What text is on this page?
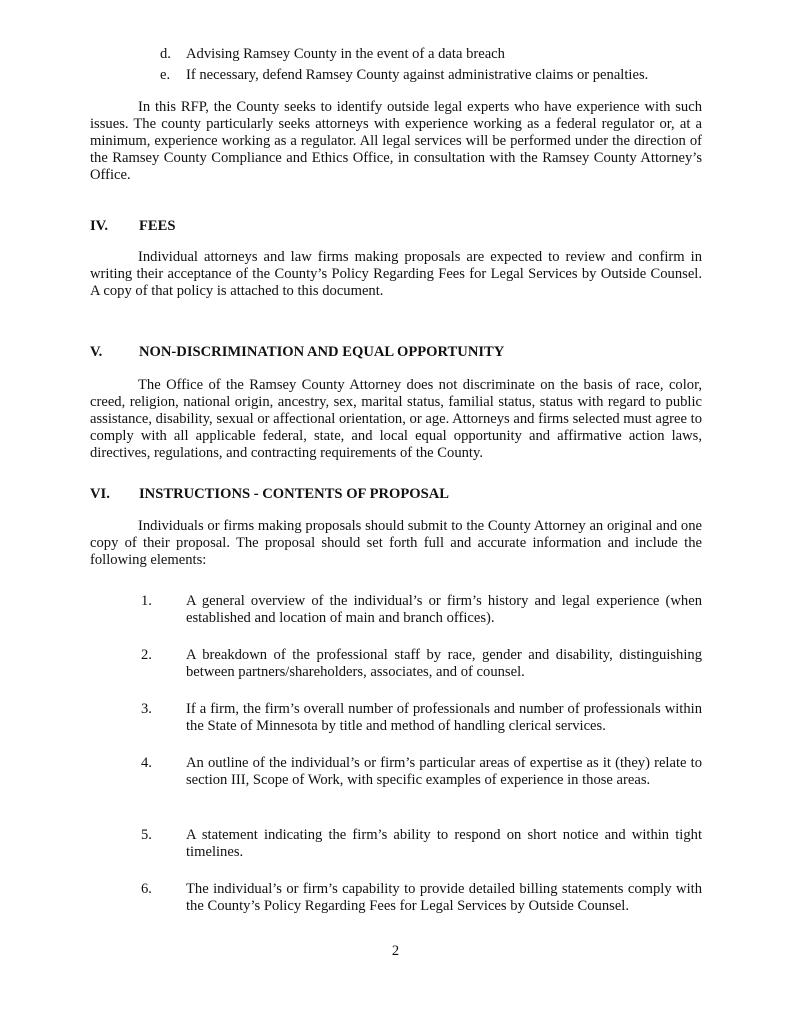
d. Advising Ramsey County in the event of a data breach
e. If necessary, defend Ramsey County against administrative claims or penalties.
In this RFP, the County seeks to identify outside legal experts who have experience with such issues. The county particularly seeks attorneys with experience working as a federal regulator or, at a minimum, experience working as a regulator. All legal services will be performed under the direction of the Ramsey County Compliance and Ethics Office, in consultation with the Ramsey County Attorney’s Office.
IV. FEES
Individual attorneys and law firms making proposals are expected to review and confirm in writing their acceptance of the County’s Policy Regarding Fees for Legal Services by Outside Counsel. A copy of that policy is attached to this document.
V.	NON-DISCRIMINATION AND EQUAL OPPORTUNITY
The Office of the Ramsey County Attorney does not discriminate on the basis of race, color, creed, religion, national origin, ancestry, sex, marital status, familial status, status with regard to public assistance, disability, sexual or affectional orientation, or age. Attorneys and firms selected must agree to comply with all applicable federal, state, and local equal opportunity and affirmative action laws, directives, regulations, and contracting requirements of the County.
VI. INSTRUCTIONS - CONTENTS OF PROPOSAL
Individuals or firms making proposals should submit to the County Attorney an original and one copy of their proposal. The proposal should set forth full and accurate information and include the following elements:
1. A general overview of the individual’s or firm’s history and legal experience (when established and location of main and branch offices).
2. A breakdown of the professional staff by race, gender and disability, distinguishing between partners/shareholders, associates, and of counsel.
3. If a firm, the firm’s overall number of professionals and number of professionals within the State of Minnesota by title and method of handling clerical services.
4. An outline of the individual’s or firm’s particular areas of expertise as it (they) relate to section III, Scope of Work, with specific examples of experience in those areas.
5. A statement indicating the firm’s ability to respond on short notice and within tight timelines.
6. The individual’s or firm’s capability to provide detailed billing statements comply with the County’s Policy Regarding Fees for Legal Services by Outside Counsel.
2
